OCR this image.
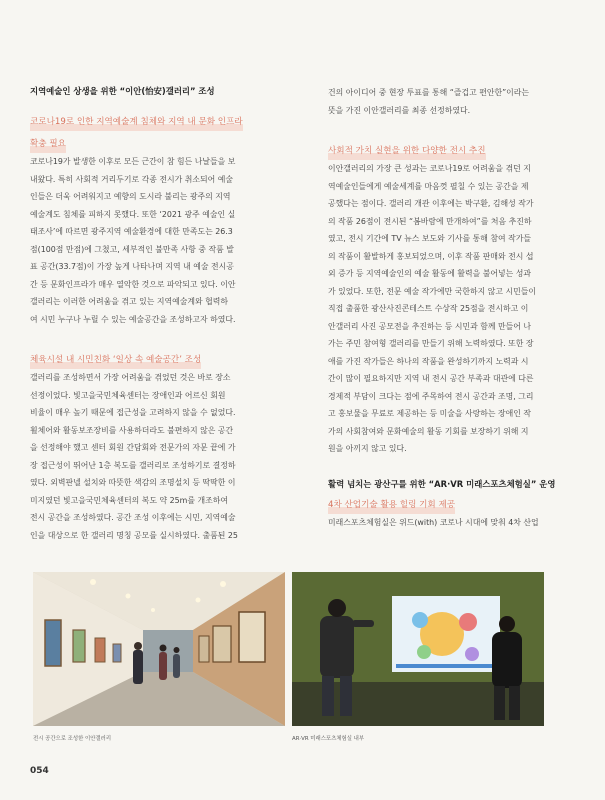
지역예술인 상생을 위한 “이안(怡安)갤러리” 조성

코로나19로 인한 지역예술계 침체와 지역 내 문화 인프라

확충 필요

코로나19가 발생한 이후로 모든 근간이 참 힘든 나날들을 보
내왔다. 특히 사회적 거리두기로 각종 전시가 취소되어 예술
인들은 더욱 어려워지고 예향의 도시라 불리는 광주의 지역
예술계도 침체를 피하지 못했다. 또한 ‘2021 광주 예술인 실
태조사’에 따르면 광주지역 예술환경에 대한 만족도는 26.3
점(100점 만점)에 그쳤고, 세부적인 불만족 사항 중 작품 발
표 공간(33.7점)이 가장 높게 나타나며 지역 내 예술 전시공
간 등 문화인프라가 매우 열악한 것으로 파악되고 있다. 이안
갤러리는 이러한 어려움을 겪고 있는 지역예술계와 협력하
여 시민 누구나 누릴 수 있는 예술공간을 조성하고자 하였다.

체육시설 내 시민친화 ‘일상 속 예술공간’ 조성

갤러리를 조성하면서 가장 어려움을 겪었던 것은 바로 장소
선정이었다. 빛고을국민체육센터는 장애인과 어르신 회원
비율이 매우 높기 때문에 접근성을 고려하지 않을 수 없었다.
휠체어와 활동보조장비를 사용하더라도 불편하지 않은 공간
을 선정해야 했고 센터 회원 간담회와 전문가의 자문 끝에 가
장 접근성이 뛰어난 1층 복도를 갤러리로 조성하기로 결정하
였다. 외벽판넬 설치와 따뜻한 색감의 조명설치 등 딱딱한 이
미지였던 빛고을국민체육센터의 복도 약 25m를 개조하여
전시 공간을 조성하였다. 공간 조성 이후에는 시민, 지역예술
인을 대상으로 한 갤러리 명칭 공모를 실시하였다. 출품된 25
건의 아이디어 중 현장 투표를 통해 “즐겁고 편안한”이라는
뜻을 가진 이안갤러리를 최종 선정하였다.

사회적 가치 실현을 위한 다양한 전시 추진

이안갤러리의 가장 큰 성과는 코로나19로 어려움을 겪던 지
역예술인들에게 예술세계를 마음껏 펼칠 수 있는 공간을 제
공했다는 점이다. 갤러리 개관 이후에는 박구환, 김해성 작가
의 작품 26점이 전시된 “봄바람에 만개하여”를 처음 추진하
였고, 전시 기간에 TV 뉴스 보도와 기사를 통해 참여 작가들
의 작품이 활발하게 홍보되었으며, 이후 작품 판매와 전시 섭
외 증가 등 지역예술인의 예술 활동에 활력을 불어넣는 성과
가 있었다. 또한, 전문 예술 작가에만 국한하지 않고 시민들이
직접 출품한 광산사진콘테스트 수상작 25점을 전시하고 이
안갤러리 사진 공모전을 추진하는 등 시민과 함께 만들어 나
가는 주민 참여형 갤러리를 만들기 위해 노력하였다. 또한 장
애를 가진 작가들은 하나의 작품을 완성하기까지 노력과 시
간이 많이 필요하지만 지역 내 전시 공간 부족과 대관에 다른
경제적 부담이 크다는 점에 주목하여 전시 공간과 조명, 그리
고 홍보물을 무료로 제공하는 등 미술을 사랑하는 장애인 작
가의 사회참여와 문화예술의 활동 기회를 보장하기 위해 지
원을 아끼지 않고 있다.

활력 넘치는 광산구를 위한 “AR·VR 미래스포츠체험실” 운영

4차 산업기술 활용 힐링 기회 제공

미래스포츠체험실은 위드(with) 코로나 시대에 맞춰 4차 산업
전시 공간으로 조성한 이안갤러리	AR·VR 미래스포츠체험실 내부
054
